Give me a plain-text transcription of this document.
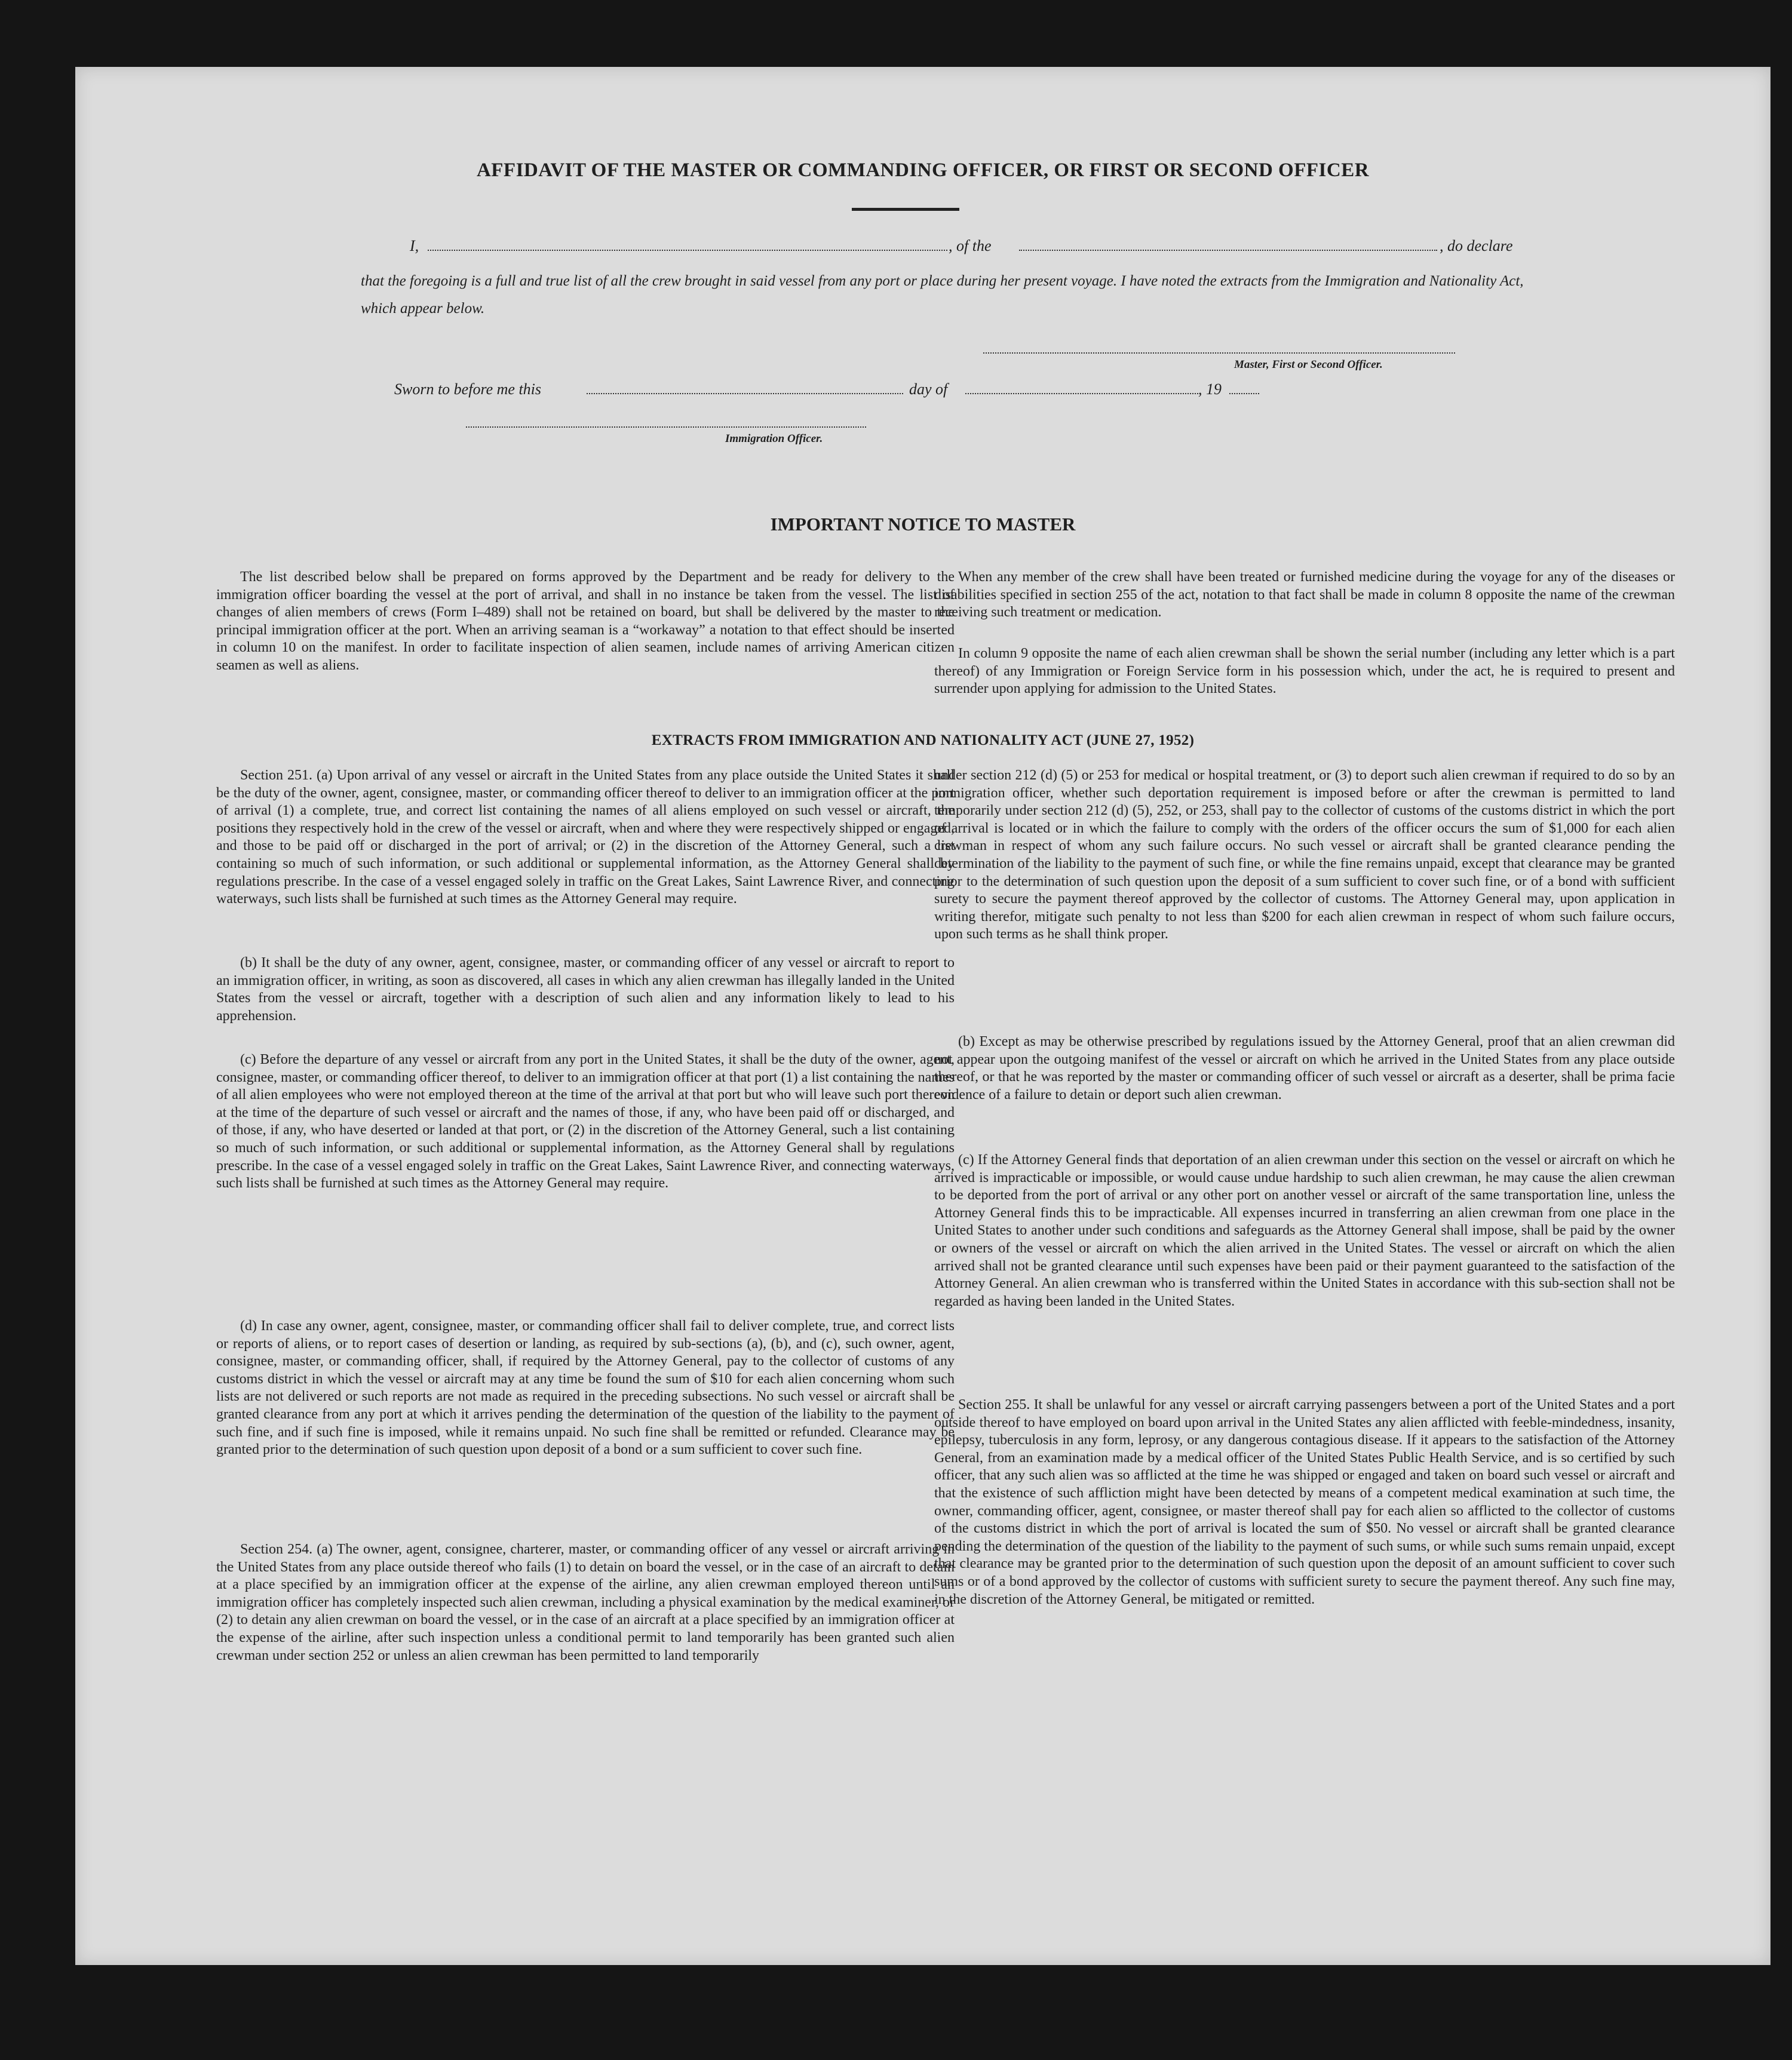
AFFIDAVIT OF THE MASTER OR COMMANDING OFFICER, OR FIRST OR SECOND OFFICER
I,	, of the	, do declare
that the foregoing is a full and true list of all the crew brought in said vessel from any port or place during her present voyage. I have noted the extracts from the Immigration and Nationality Act, which appear below.
Master, First or Second Officer.
Sworn to before me this	day of	, 19
Immigration Officer.
IMPORTANT NOTICE TO MASTER

The list described below shall be prepared on forms approved by the Department and be ready for delivery to the immigration officer boarding the vessel at the port of arrival, and shall in no instance be taken from the vessel. The list of changes of alien members of crews (Form I–489) shall not be retained on board, but shall be delivered by the master to the principal immigration officer at the port. When an arriving seaman is a “workaway” a notation to that effect should be inserted in column 10 on the manifest. In order to facilitate inspection of alien seamen, include names of arriving American citizen seamen as well as aliens.

When any member of the crew shall have been treated or furnished medicine during the voyage for any of the diseases or disabilities specified in section 255 of the act, notation to that fact shall be made in column 8 opposite the name of the crewman receiving such treatment or medication.

In column 9 opposite the name of each alien crewman shall be shown the serial number (including any letter which is a part thereof) of any Immigration or Foreign Service form in his possession which, under the act, he is required to present and surrender upon applying for admission to the United States.

EXTRACTS FROM IMMIGRATION AND NATIONALITY ACT (JUNE 27, 1952)

Section 251. (a) Upon arrival of any vessel or aircraft in the United States from any place outside the United States it shall be the duty of the owner, agent, consignee, master, or commanding officer thereof to deliver to an immigration officer at the port of arrival (1) a complete, true, and correct list containing the names of all aliens employed on such vessel or aircraft, the positions they respectively hold in the crew of the vessel or aircraft, when and where they were respectively shipped or engaged, and those to be paid off or discharged in the port of arrival; or (2) in the discretion of the Attorney General, such a list containing so much of such information, or such additional or supplemental information, as the Attorney General shall by regulations prescribe. In the case of a vessel engaged solely in traffic on the Great Lakes, Saint Lawrence River, and connecting waterways, such lists shall be furnished at such times as the Attorney General may require.

(b) It shall be the duty of any owner, agent, consignee, master, or commanding officer of any vessel or aircraft to report to an immigration officer, in writing, as soon as discovered, all cases in which any alien crewman has illegally landed in the United States from the vessel or aircraft, together with a description of such alien and any information likely to lead to his apprehension.

(c) Before the departure of any vessel or aircraft from any port in the United States, it shall be the duty of the owner, agent, consignee, master, or commanding officer thereof, to deliver to an immigration officer at that port (1) a list containing the names of all alien employees who were not employed thereon at the time of the arrival at that port but who will leave such port thereon at the time of the departure of such vessel or aircraft and the names of those, if any, who have been paid off or discharged, and of those, if any, who have deserted or landed at that port, or (2) in the discretion of the Attorney General, such a list containing so much of such information, or such additional or supplemental information, as the Attorney General shall by regulations prescribe. In the case of a vessel engaged solely in traffic on the Great Lakes, Saint Lawrence River, and connecting waterways, such lists shall be furnished at such times as the Attorney General may require.

(d) In case any owner, agent, consignee, master, or commanding officer shall fail to deliver complete, true, and correct lists or reports of aliens, or to report cases of desertion or landing, as required by sub-sections (a), (b), and (c), such owner, agent, consignee, master, or commanding officer, shall, if required by the Attorney General, pay to the collector of customs of any customs district in which the vessel or aircraft may at any time be found the sum of $10 for each alien concerning whom such lists are not delivered or such reports are not made as required in the preceding subsections. No such vessel or aircraft shall be granted clearance from any port at which it arrives pending the determination of the question of the liability to the payment of such fine, and if such fine is imposed, while it remains unpaid. No such fine shall be remitted or refunded. Clearance may be granted prior to the determination of such question upon deposit of a bond or a sum sufficient to cover such fine.

Section 254. (a) The owner, agent, consignee, charterer, master, or commanding officer of any vessel or aircraft arriving in the United States from any place outside thereof who fails (1) to detain on board the vessel, or in the case of an aircraft to detain at a place specified by an immigration officer at the expense of the airline, any alien crewman employed thereon until an immigration officer has completely inspected such alien crewman, including a physical examination by the medical examiner, or (2) to detain any alien crewman on board the vessel, or in the case of an aircraft at a place specified by an immigration officer at the expense of the airline, after such inspection unless a conditional permit to land temporarily has been granted such alien crewman under section 252 or unless an alien crewman has been permitted to land temporarily

under section 212 (d) (5) or 253 for medical or hospital treatment, or (3) to deport such alien crewman if required to do so by an immigration officer, whether such deportation requirement is imposed before or after the crewman is permitted to land temporarily under section 212 (d) (5), 252, or 253, shall pay to the collector of customs of the customs district in which the port of arrival is located or in which the failure to comply with the orders of the officer occurs the sum of $1,000 for each alien crewman in respect of whom any such failure occurs. No such vessel or aircraft shall be granted clearance pending the determination of the liability to the payment of such fine, or while the fine remains unpaid, except that clearance may be granted prior to the determination of such question upon the deposit of a sum sufficient to cover such fine, or of a bond with sufficient surety to secure the payment thereof approved by the collector of customs. The Attorney General may, upon application in writing therefor, mitigate such penalty to not less than $200 for each alien crewman in respect of whom such failure occurs, upon such terms as he shall think proper.

(b) Except as may be otherwise prescribed by regulations issued by the Attorney General, proof that an alien crewman did not appear upon the outgoing manifest of the vessel or aircraft on which he arrived in the United States from any place outside thereof, or that he was reported by the master or commanding officer of such vessel or aircraft as a deserter, shall be prima facie evidence of a failure to detain or deport such alien crewman.

(c) If the Attorney General finds that deportation of an alien crewman under this section on the vessel or aircraft on which he arrived is impracticable or impossible, or would cause undue hardship to such alien crewman, he may cause the alien crewman to be deported from the port of arrival or any other port on another vessel or aircraft of the same transportation line, unless the Attorney General finds this to be impracticable. All expenses incurred in transferring an alien crewman from one place in the United States to another under such conditions and safeguards as the Attorney General shall impose, shall be paid by the owner or owners of the vessel or aircraft on which the alien arrived in the United States. The vessel or aircraft on which the alien arrived shall not be granted clearance until such expenses have been paid or their payment guaranteed to the satisfaction of the Attorney General. An alien crewman who is transferred within the United States in accordance with this sub-section shall not be regarded as having been landed in the United States.

Section 255. It shall be unlawful for any vessel or aircraft carrying passengers between a port of the United States and a port outside thereof to have employed on board upon arrival in the United States any alien afflicted with feeble-mindedness, insanity, epilepsy, tuberculosis in any form, leprosy, or any dangerous contagious disease. If it appears to the satisfaction of the Attorney General, from an examination made by a medical officer of the United States Public Health Service, and is so certified by such officer, that any such alien was so afflicted at the time he was shipped or engaged and taken on board such vessel or aircraft and that the existence of such affliction might have been detected by means of a competent medical examination at such time, the owner, commanding officer, agent, consignee, or master thereof shall pay for each alien so afflicted to the collector of customs of the customs district in which the port of arrival is located the sum of $50. No vessel or aircraft shall be granted clearance pending the determination of the question of the liability to the payment of such sums, or while such sums remain unpaid, except that clearance may be granted prior to the determination of such question upon the deposit of an amount sufficient to cover such sums or of a bond approved by the collector of customs with sufficient surety to secure the payment thereof. Any such fine may, in the discretion of the Attorney General, be mitigated or remitted.
